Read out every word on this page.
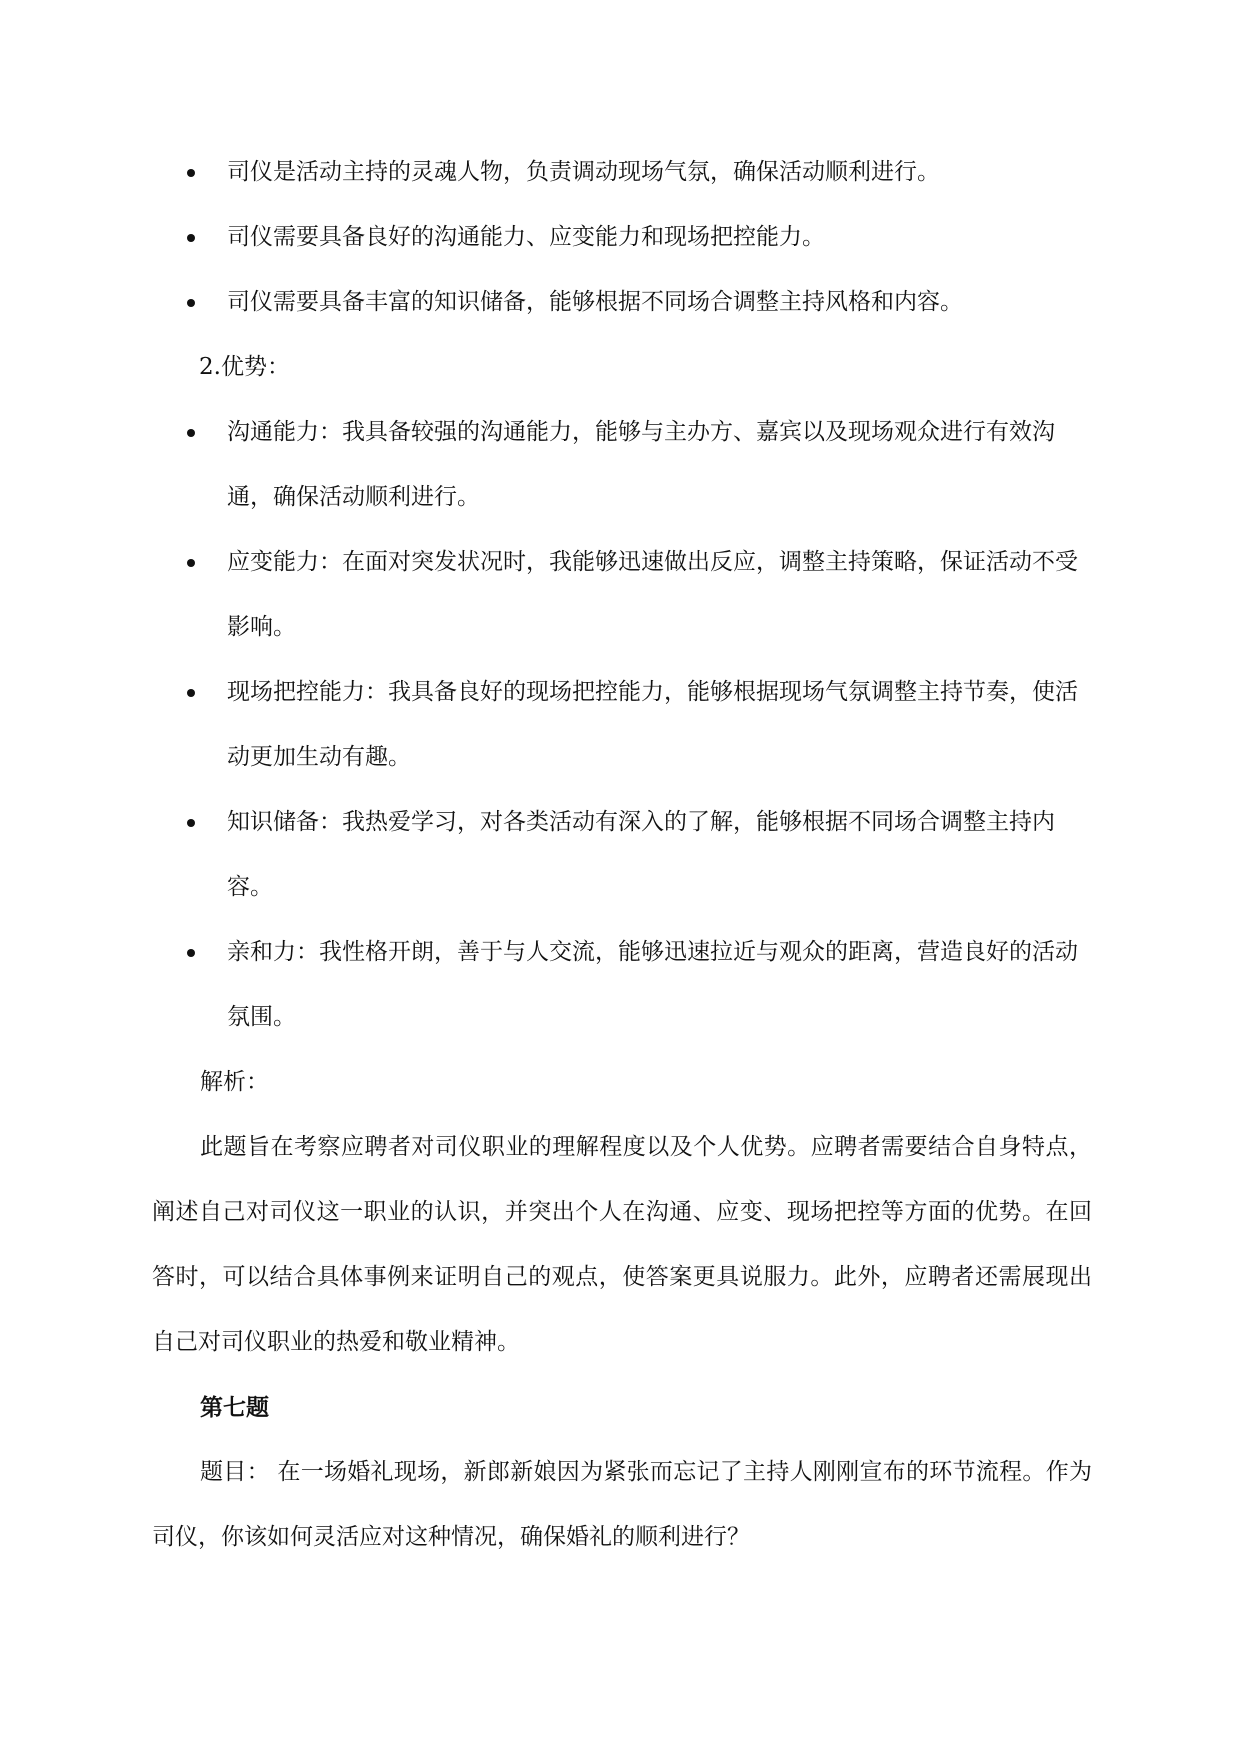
司仪是活动主持的灵魂人物，负责调动现场气氛，确保活动顺利进行。
司仪需要具备良好的沟通能力、应变能力和现场把控能力。
司仪需要具备丰富的知识储备，能够根据不同场合调整主持风格和内容。

2.优势：

沟通能力：我具备较强的沟通能力，能够与主办方、嘉宾以及现场观众进行有效沟通，确保活动顺利进行。
应变能力：在面对突发状况时，我能够迅速做出反应，调整主持策略，保证活动不受影响。
现场把控能力：我具备良好的现场把控能力，能够根据现场气氛调整主持节奏，使活动更加生动有趣。
知识储备：我热爱学习，对各类活动有深入的了解，能够根据不同场合调整主持内容。
亲和力：我性格开朗，善于与人交流，能够迅速拉近与观众的距离，营造良好的活动氛围。

解析：

此题旨在考察应聘者对司仪职业的理解程度以及个人优势。应聘者需要结合自身特点，阐述自己对司仪这一职业的认识，并突出个人在沟通、应变、现场把控等方面的优势。在回答时，可以结合具体事例来证明自己的观点，使答案更具说服力。此外，应聘者还需展现出自己对司仪职业的热爱和敬业精神。

第七题

题目： 在一场婚礼现场，新郎新娘因为紧张而忘记了主持人刚刚宣布的环节流程。作为司仪，你该如何灵活应对这种情况，确保婚礼的顺利进行？
